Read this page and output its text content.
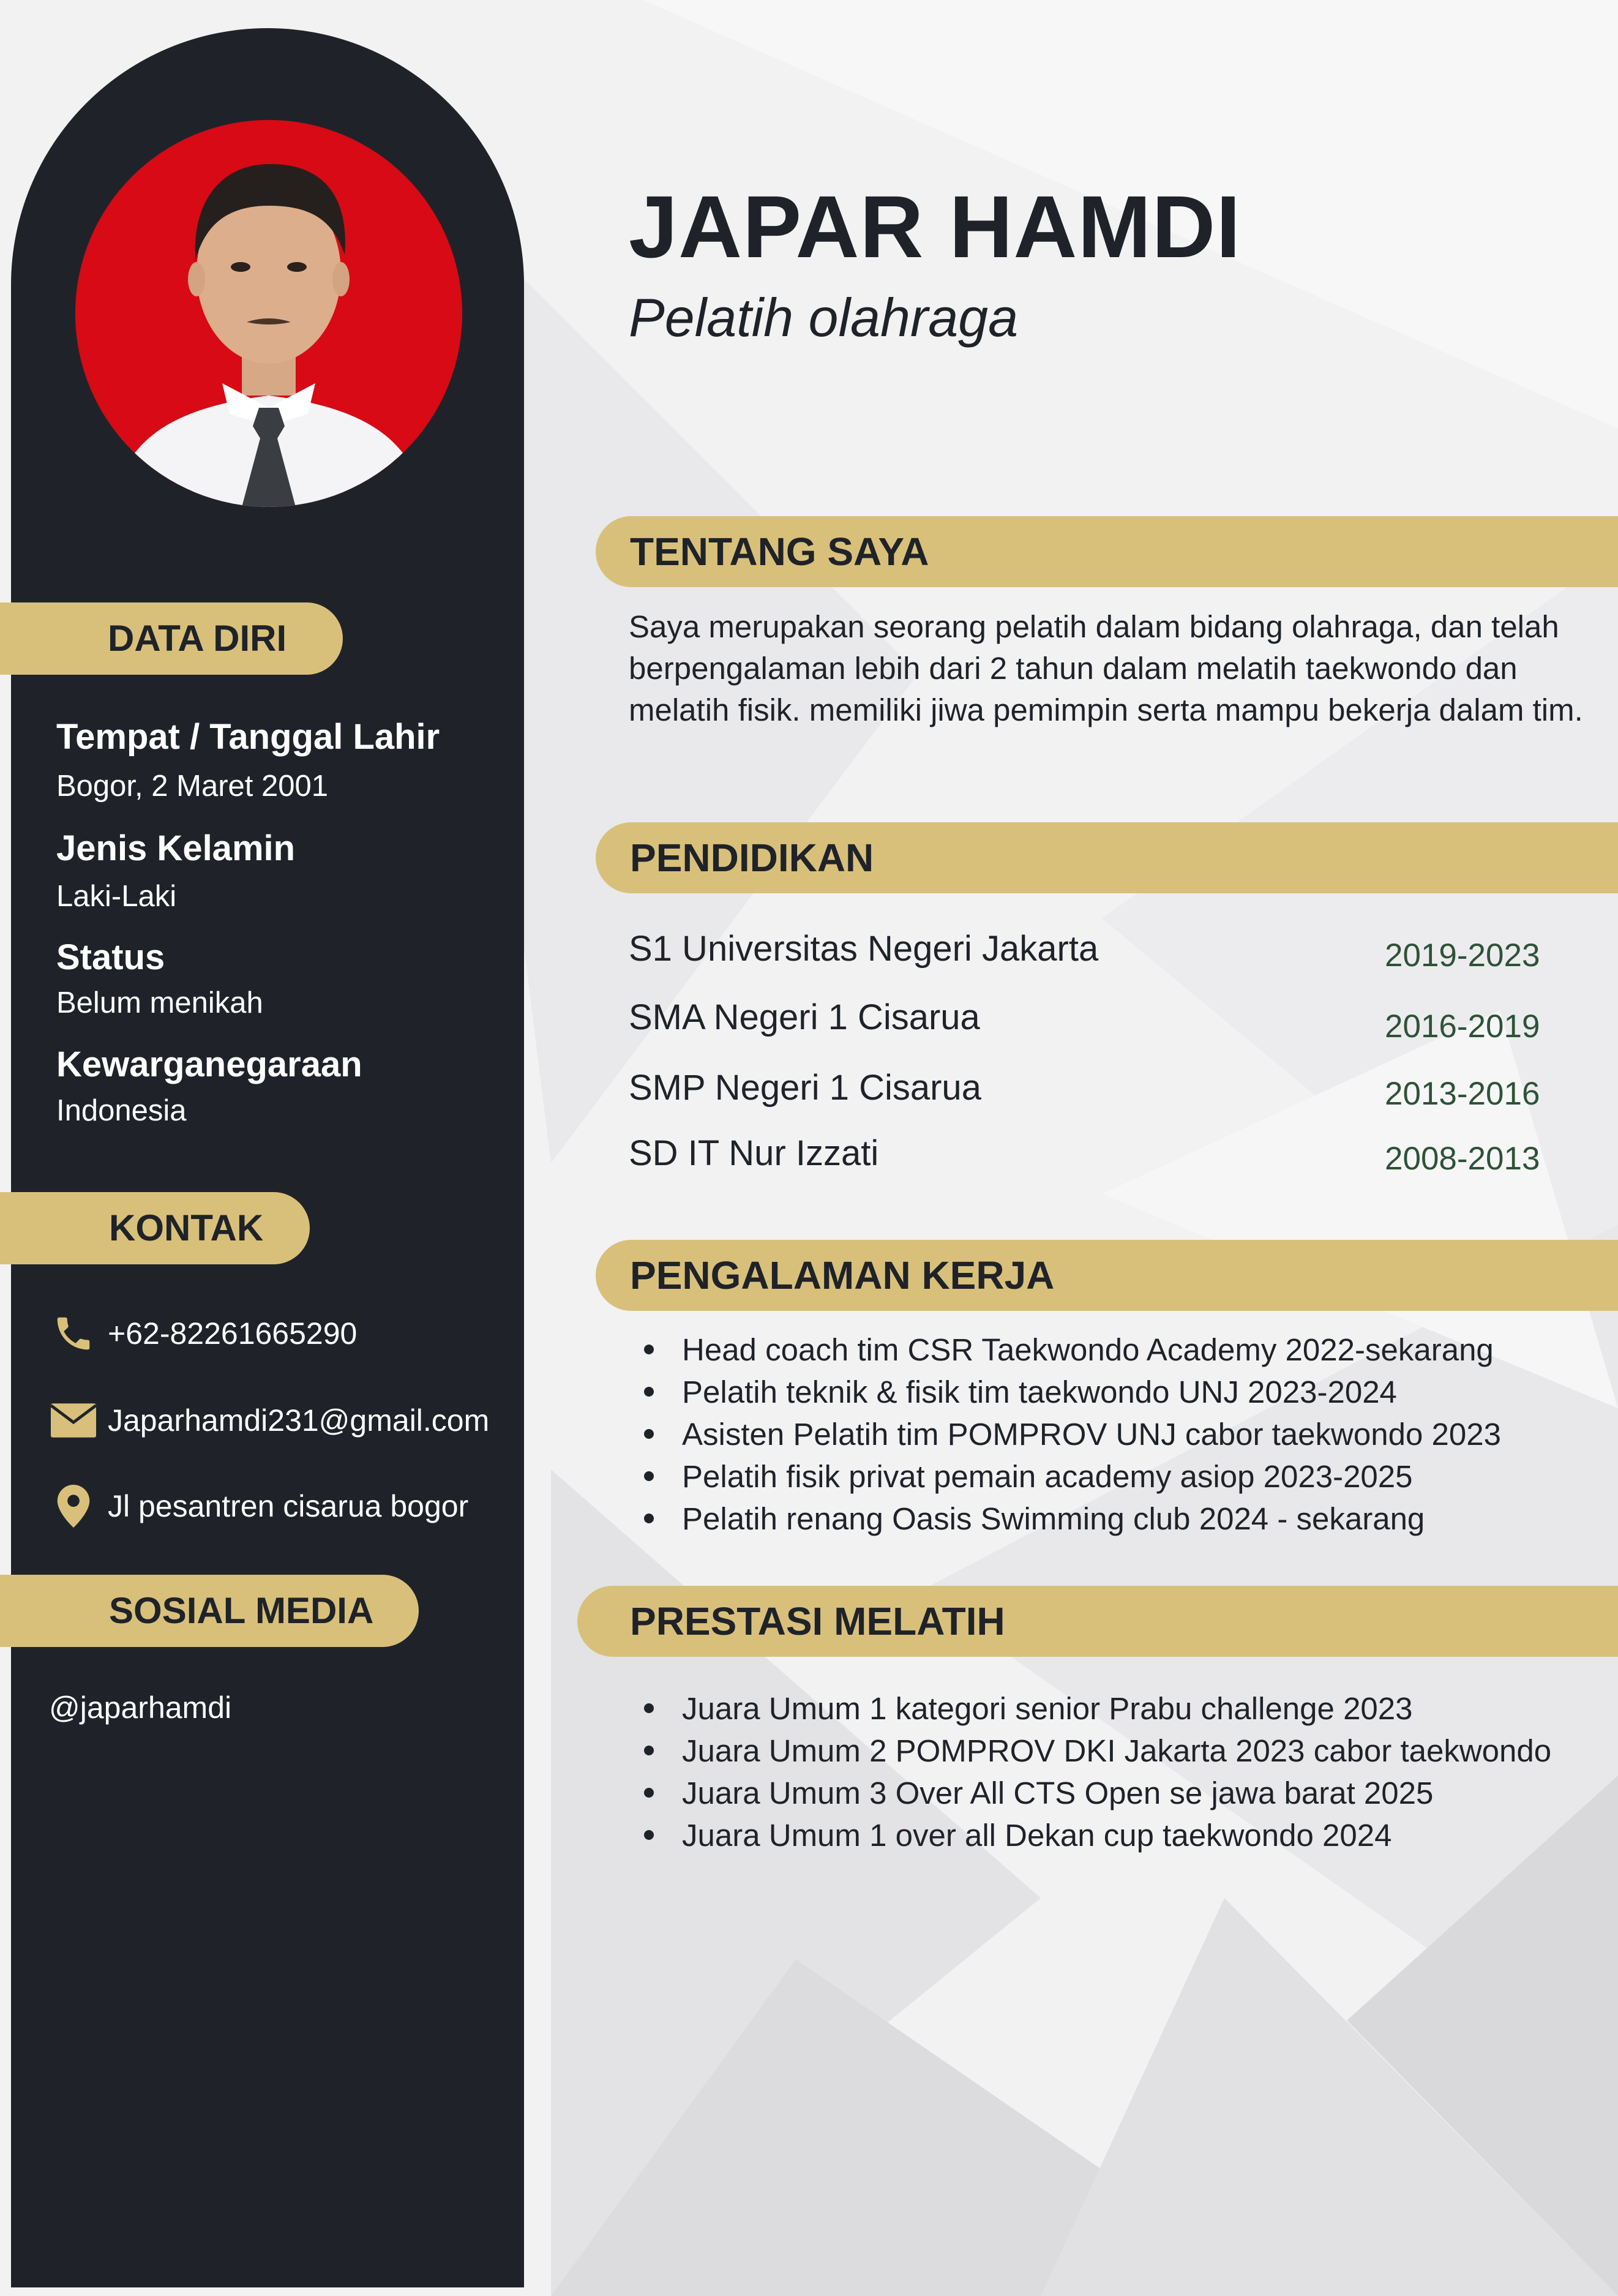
DATA DIRI
Tempat / Tanggal Lahir
Bogor, 2 Maret 2001
Jenis Kelamin
Laki-Laki
Status
Belum menikah
Kewarganegaraan
Indonesia
KONTAK
+62-82261665290
Japarhamdi231@gmail.com
Jl pesantren cisarua bogor
SOSIAL MEDIA
@japarhamdi
JAPAR HAMDI
Pelatih olahraga
TENTANG SAYA
Saya merupakan seorang pelatih dalam bidang olahraga, dan telah berpengalaman lebih dari 2 tahun dalam melatih taekwondo dan melatih fisik. memiliki jiwa pemimpin serta mampu bekerja dalam tim.
PENDIDIKAN
S1 Universitas Negeri Jakarta	2019-2023
SMA Negeri 1 Cisarua	2016-2019
SMP Negeri 1 Cisarua	2013-2016
SD IT Nur Izzati	2008-2013
PENGALAMAN KERJA
Head coach tim CSR Taekwondo Academy 2022-sekarang
Pelatih teknik & fisik tim taekwondo UNJ 2023-2024
Asisten Pelatih tim POMPROV UNJ cabor taekwondo 2023
Pelatih fisik privat pemain academy asiop 2023-2025
Pelatih renang Oasis Swimming club 2024 - sekarang
PRESTASI MELATIH
Juara Umum 1 kategori senior Prabu challenge 2023
Juara Umum 2 POMPROV DKI Jakarta 2023 cabor taekwondo
Juara Umum 3 Over All CTS Open se jawa barat 2025
Juara Umum 1 over all Dekan cup taekwondo 2024
